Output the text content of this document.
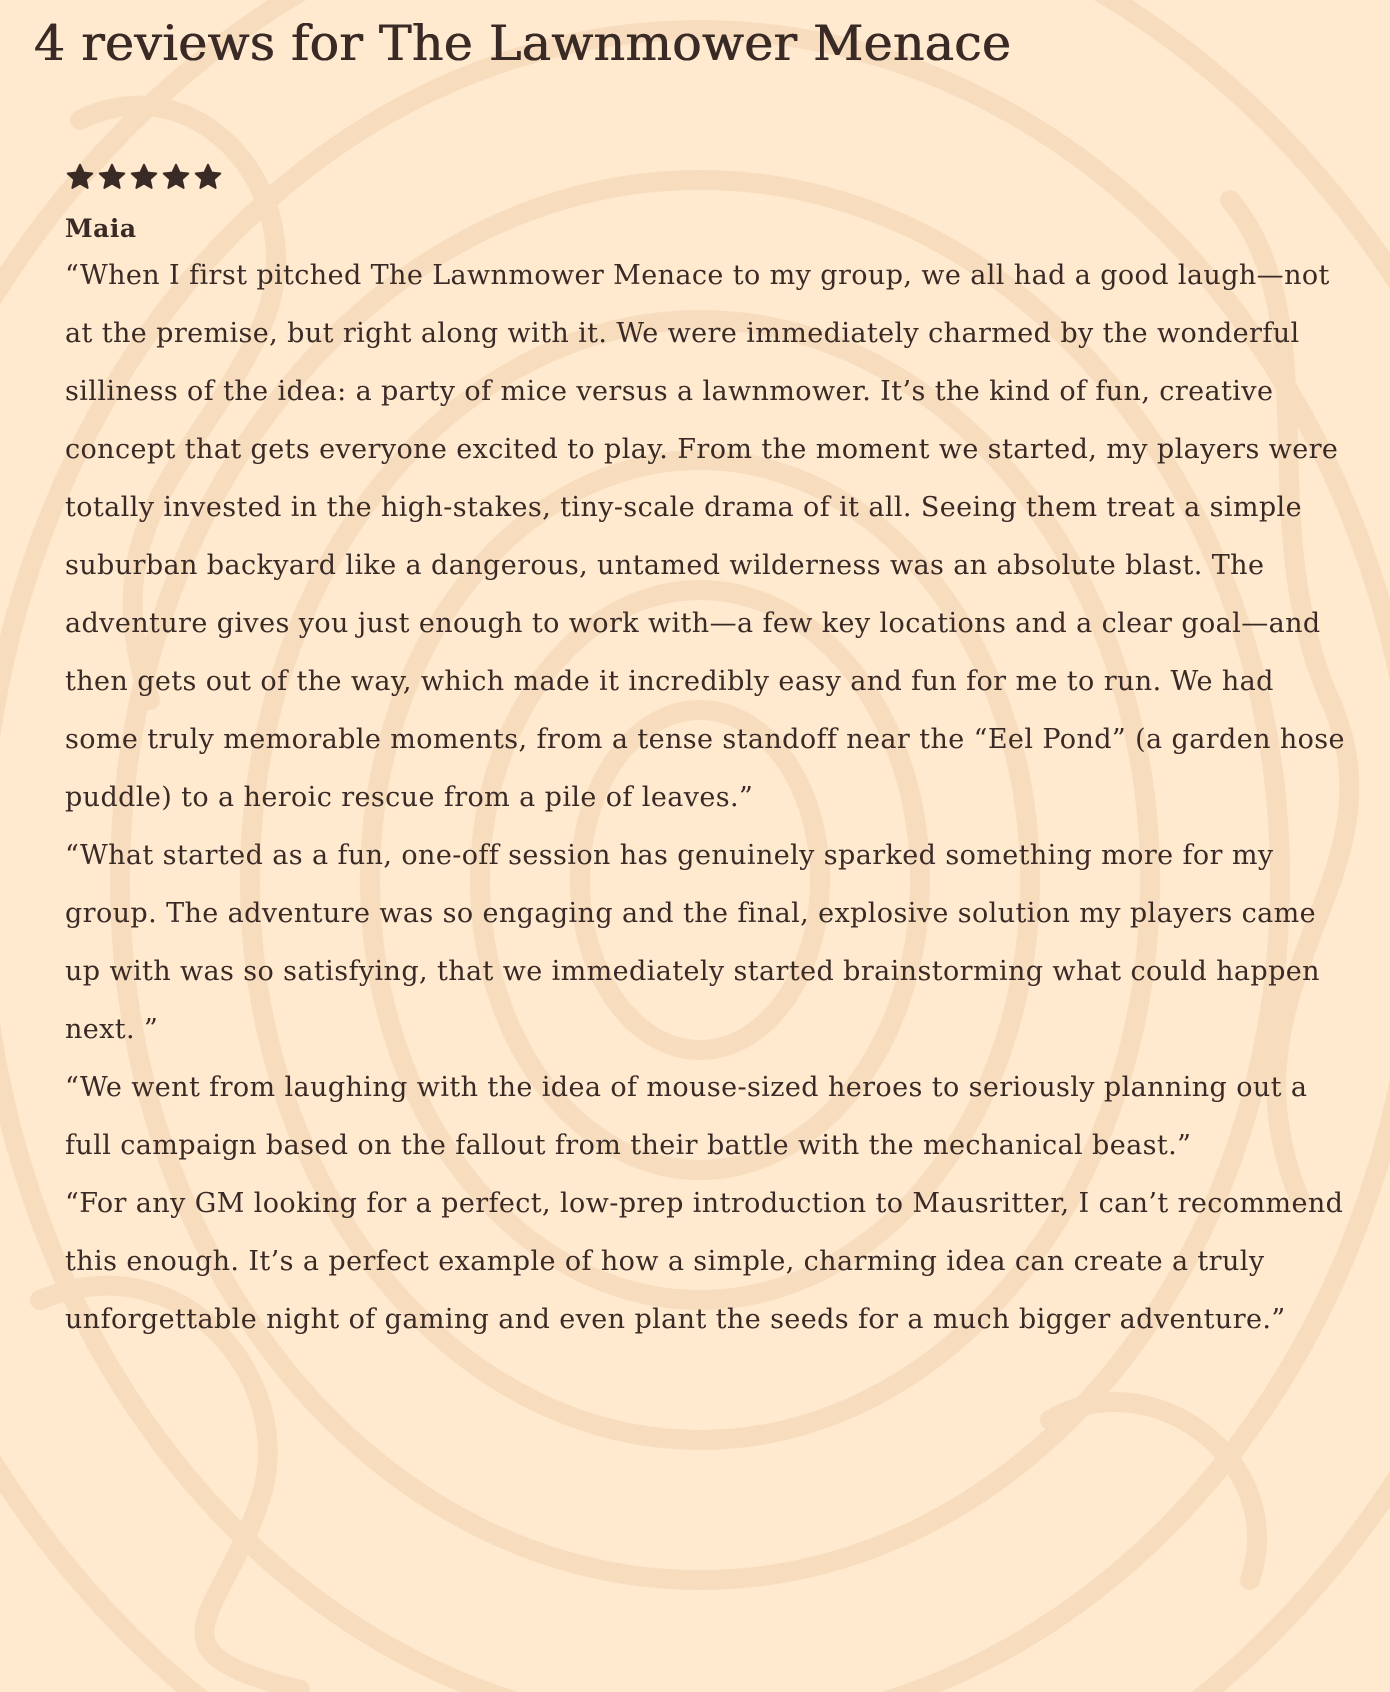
4 reviews for The Lawnmower Menace
Maia

“When I first pitched The Lawnmower Menace to my group, we all had a good laugh—not at the premise, but right along with it. We were immediately charmed by the wonderful silliness of the idea: a party of mice versus a lawnmower. It’s the kind of fun, creative concept that gets everyone excited to play. From the moment we started, my players were totally invested in the high-stakes, tiny-scale drama of it all. Seeing them treat a simple suburban backyard like a dangerous, untamed wilderness was an absolute blast. The adventure gives you just enough to work with—a few key locations and a clear goal—and then gets out of the way, which made it incredibly easy and fun for me to run. We had some truly memorable moments, from a tense standoff near the “Eel Pond” (a garden hose puddle) to a heroic rescue from a pile of leaves.”

“What started as a fun, one-off session has genuinely sparked something more for my group. The adventure was so engaging and the final, explosive solution my players came up with was so satisfying, that we immediately started brainstorming what could happen next. ”

“We went from laughing with the idea of mouse-sized heroes to seriously planning out a full campaign based on the fallout from their battle with the mechanical beast.”

“For any GM looking for a perfect, low-prep introduction to Mausritter, I can’t recommend this enough. It’s a perfect example of how a simple, charming idea can create a truly unforgettable night of gaming and even plant the seeds for a much bigger adventure.”
